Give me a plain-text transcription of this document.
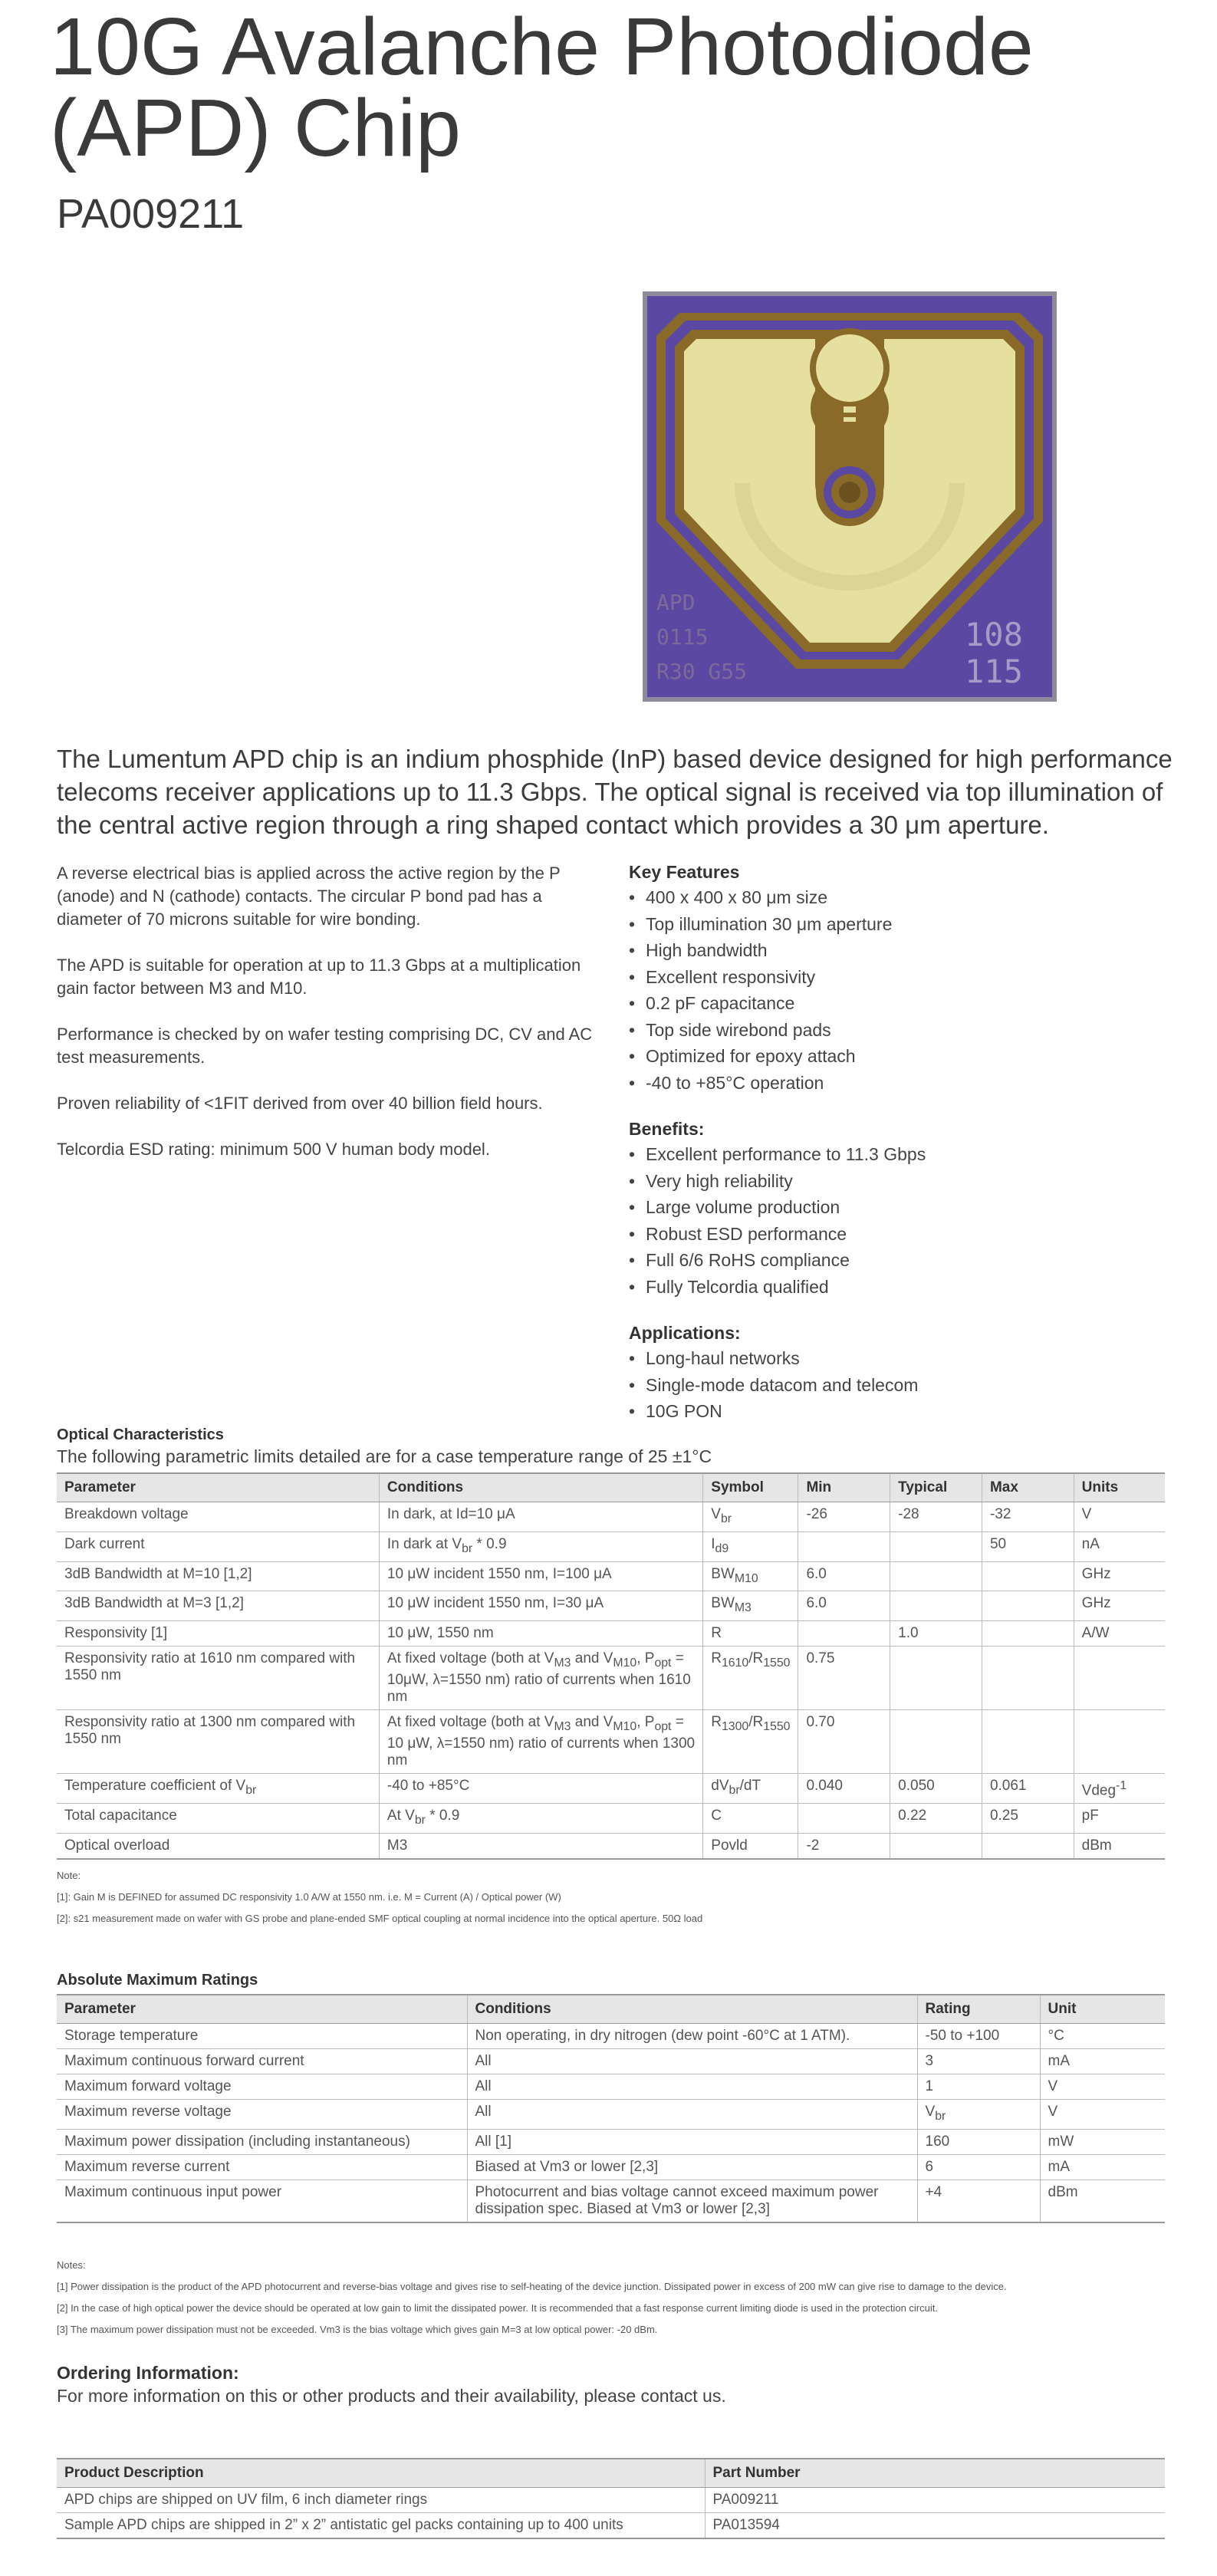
10G Avalanche Photodiode
(APD) Chip
PA009211
APD
0115
R30 G55
108
115
The Lumentum APD chip is an indium phosphide (InP) based device designed for high performance telecoms receiver applications up to 11.3 Gbps. The optical signal is received via top illumination of the central active region through a ring shaped contact which provides a 30 μm aperture.

A reverse electrical bias is applied across the active region by the P (anode) and N (cathode) contacts. The circular P bond pad has a diameter of 70 microns suitable for wire bonding.

The APD is suitable for operation at up to 11.3 Gbps at a multiplication gain factor between M3 and M10.

Performance is checked by on wafer testing comprising DC, CV and AC test measurements.

Proven reliability of <1FIT derived from over 40 billion field hours.

Telcordia ESD rating: minimum 500 V human body model.

Key Features
• 400 x 400 x 80 μm size
• Top illumination 30 μm aperture
• High bandwidth
• Excellent responsivity
• 0.2 pF capacitance
• Top side wirebond pads
• Optimized for epoxy attach
• -40 to +85°C operation
Benefits:
• Excellent performance to 11.3 Gbps
• Very high reliability
• Large volume production
• Robust ESD performance
• Full 6/6 RoHS compliance
• Fully Telcordia qualified
Applications:
• Long-haul networks
• Single-mode datacom and telecom
• 10G PON
Optical Characteristics
The following parametric limits detailed are for a case temperature range of 25 ±1°C
Parameter	Conditions	Symbol	Min	Typical	Max	Units
Breakdown voltage	In dark, at Id=10 μA	$V_{br}$	-26	-28	-32	V
Dark current	In dark at $V_{br} * 0.9$	$I_{d9}$			50	nA
3dB Bandwidth at M=10 [1,2]	10 μW incident 1550 nm, I=100 μA	$BW_{M10}$	6.0			GHz
3dB Bandwidth at M=3 [1,2]	10 μW incident 1550 nm, I=30 μA	$BW_{M3}$	6.0			GHz
Responsivity [1]	10 μW, 1550 nm	R		1.0		A/W
Responsivity ratio at 1610 nm compared with 1550 nm	At fixed voltage (both at $V_{M3}$ and $V_{M10}$, $P_{opt} = 10\mu W$, λ=1550 nm) ratio of currents when 1610 nm	$R_{1610}/R_{1550}$	0.75			
Responsivity ratio at 1300 nm compared with 1550 nm	At fixed voltage (both at $V_{M3}$ and $V_{M10}$, $P_{opt} = 10$ μW, λ=1550 nm) ratio of currents when 1300 nm	$R_{1300}/R_{1550}$	0.70			
Temperature coefficient of $V_{br}$	-40 to +85°C	$dV_{br}/dT$	0.040	0.050	0.061	Vdeg$^{-1}$
Total capacitance	At $V_{br} * 0.9$	C		0.22	0.25	pF
Optical overload	M3	Povld	-2			dBm
Note:
[1]: Gain M is DEFINED for assumed DC responsivity 1.0 A/W at 1550 nm. i.e. M = Current (A) / Optical power (W)
[2]: s21 measurement made on wafer with GS probe and plane-ended SMF optical coupling at normal incidence into the optical aperture. 50Ω load
Absolute Maximum Ratings
Parameter	Conditions	Rating	Unit
Storage temperature	Non operating, in dry nitrogen (dew point -60°C at 1 ATM).	-50 to +100	°C
Maximum continuous forward current	All	3	mA
Maximum forward voltage	All	1	V
Maximum reverse voltage	All	$V_{br}$	V
Maximum power dissipation (including instantaneous)	All [1]	160	mW
Maximum reverse current	Biased at Vm3 or lower [2,3]	6	mA
Maximum continuous input power	Photocurrent and bias voltage cannot exceed maximum power dissipation spec. Biased at Vm3 or lower [2,3]	+4	dBm
Notes:
[1] Power dissipation is the product of the APD photocurrent and reverse-bias voltage and gives rise to self-heating of the device junction. Dissipated power in excess of 200 mW can give rise to damage to the device.
[2] In the case of high optical power the device should be operated at low gain to limit the dissipated power. It is recommended that a fast response current limiting diode is used in the protection circuit.
[3] The maximum power dissipation must not be exceeded. Vm3 is the bias voltage which gives gain M=3 at low optical power: -20 dBm.
Ordering Information:
For more information on this or other products and their availability, please contact us.
Product Description	Part Number
APD chips are shipped on UV film, 6 inch diameter rings	PA009211
Sample APD chips are shipped in 2” x 2” antistatic gel packs containing up to 400 units	PA013594
